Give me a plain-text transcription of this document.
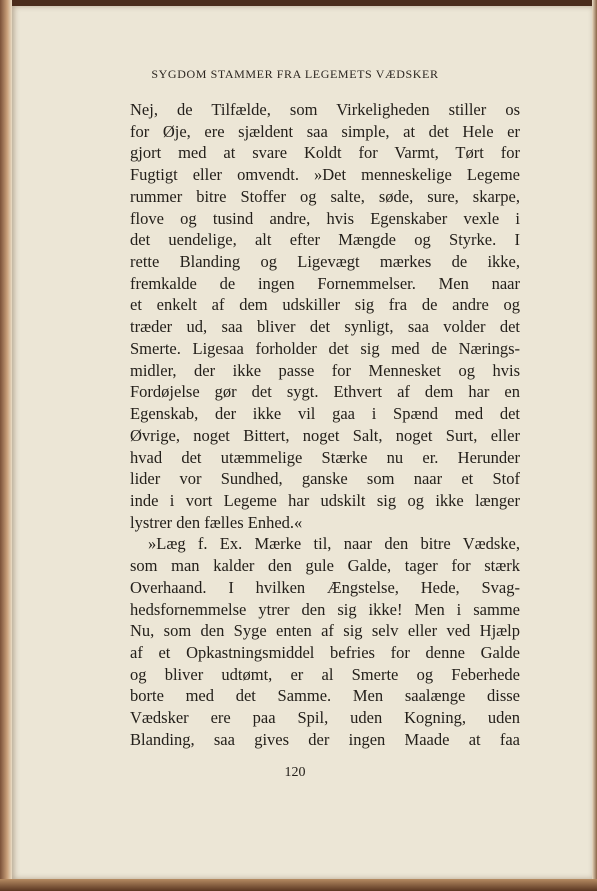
SYGDOM STAMMER FRA LEGEMETS VÆDSKER
Nej, de Tilfælde, som Virkeligheden stiller os
for Øje, ere sjældent saa simple, at det Hele er
gjort med at svare Koldt for Varmt, Tørt for
Fugtigt eller omvendt. »Det menneskelige Legeme
rummer bitre Stoffer og salte, søde, sure, skarpe,
flove og tusind andre, hvis Egenskaber vexle i
det uendelige, alt efter Mængde og Styrke. I
rette Blanding og Ligevægt mærkes de ikke,
fremkalde de ingen Fornemmelser. Men naar
et enkelt af dem udskiller sig fra de andre og
træder ud, saa bliver det synligt, saa volder det
Smerte. Ligesaa forholder det sig med de Nærings-
midler, der ikke passe for Mennesket og hvis
Fordøjelse gør det sygt. Ethvert af dem har en
Egenskab, der ikke vil gaa i Spænd med det
Øvrige, noget Bittert, noget Salt, noget Surt, eller
hvad det utæmmelige Stærke nu er. Herunder
lider vor Sundhed, ganske som naar et Stof
inde i vort Legeme har udskilt sig og ikke længer
lystrer den fælles Enhed.«
»Læg f. Ex. Mærke til, naar den bitre Vædske,
som man kalder den gule Galde, tager for stærk
Overhaand. I hvilken Ængstelse, Hede, Svag-
hedsfornemmelse ytrer den sig ikke! Men i samme
Nu, som den Syge enten af sig selv eller ved Hjælp
af et Opkastningsmiddel befries for denne Galde
og bliver udtømt, er al Smerte og Feberhede
borte med det Samme. Men saalænge disse
Vædsker ere paa Spil, uden Kogning, uden
Blanding, saa gives der ingen Maade at faa
120
